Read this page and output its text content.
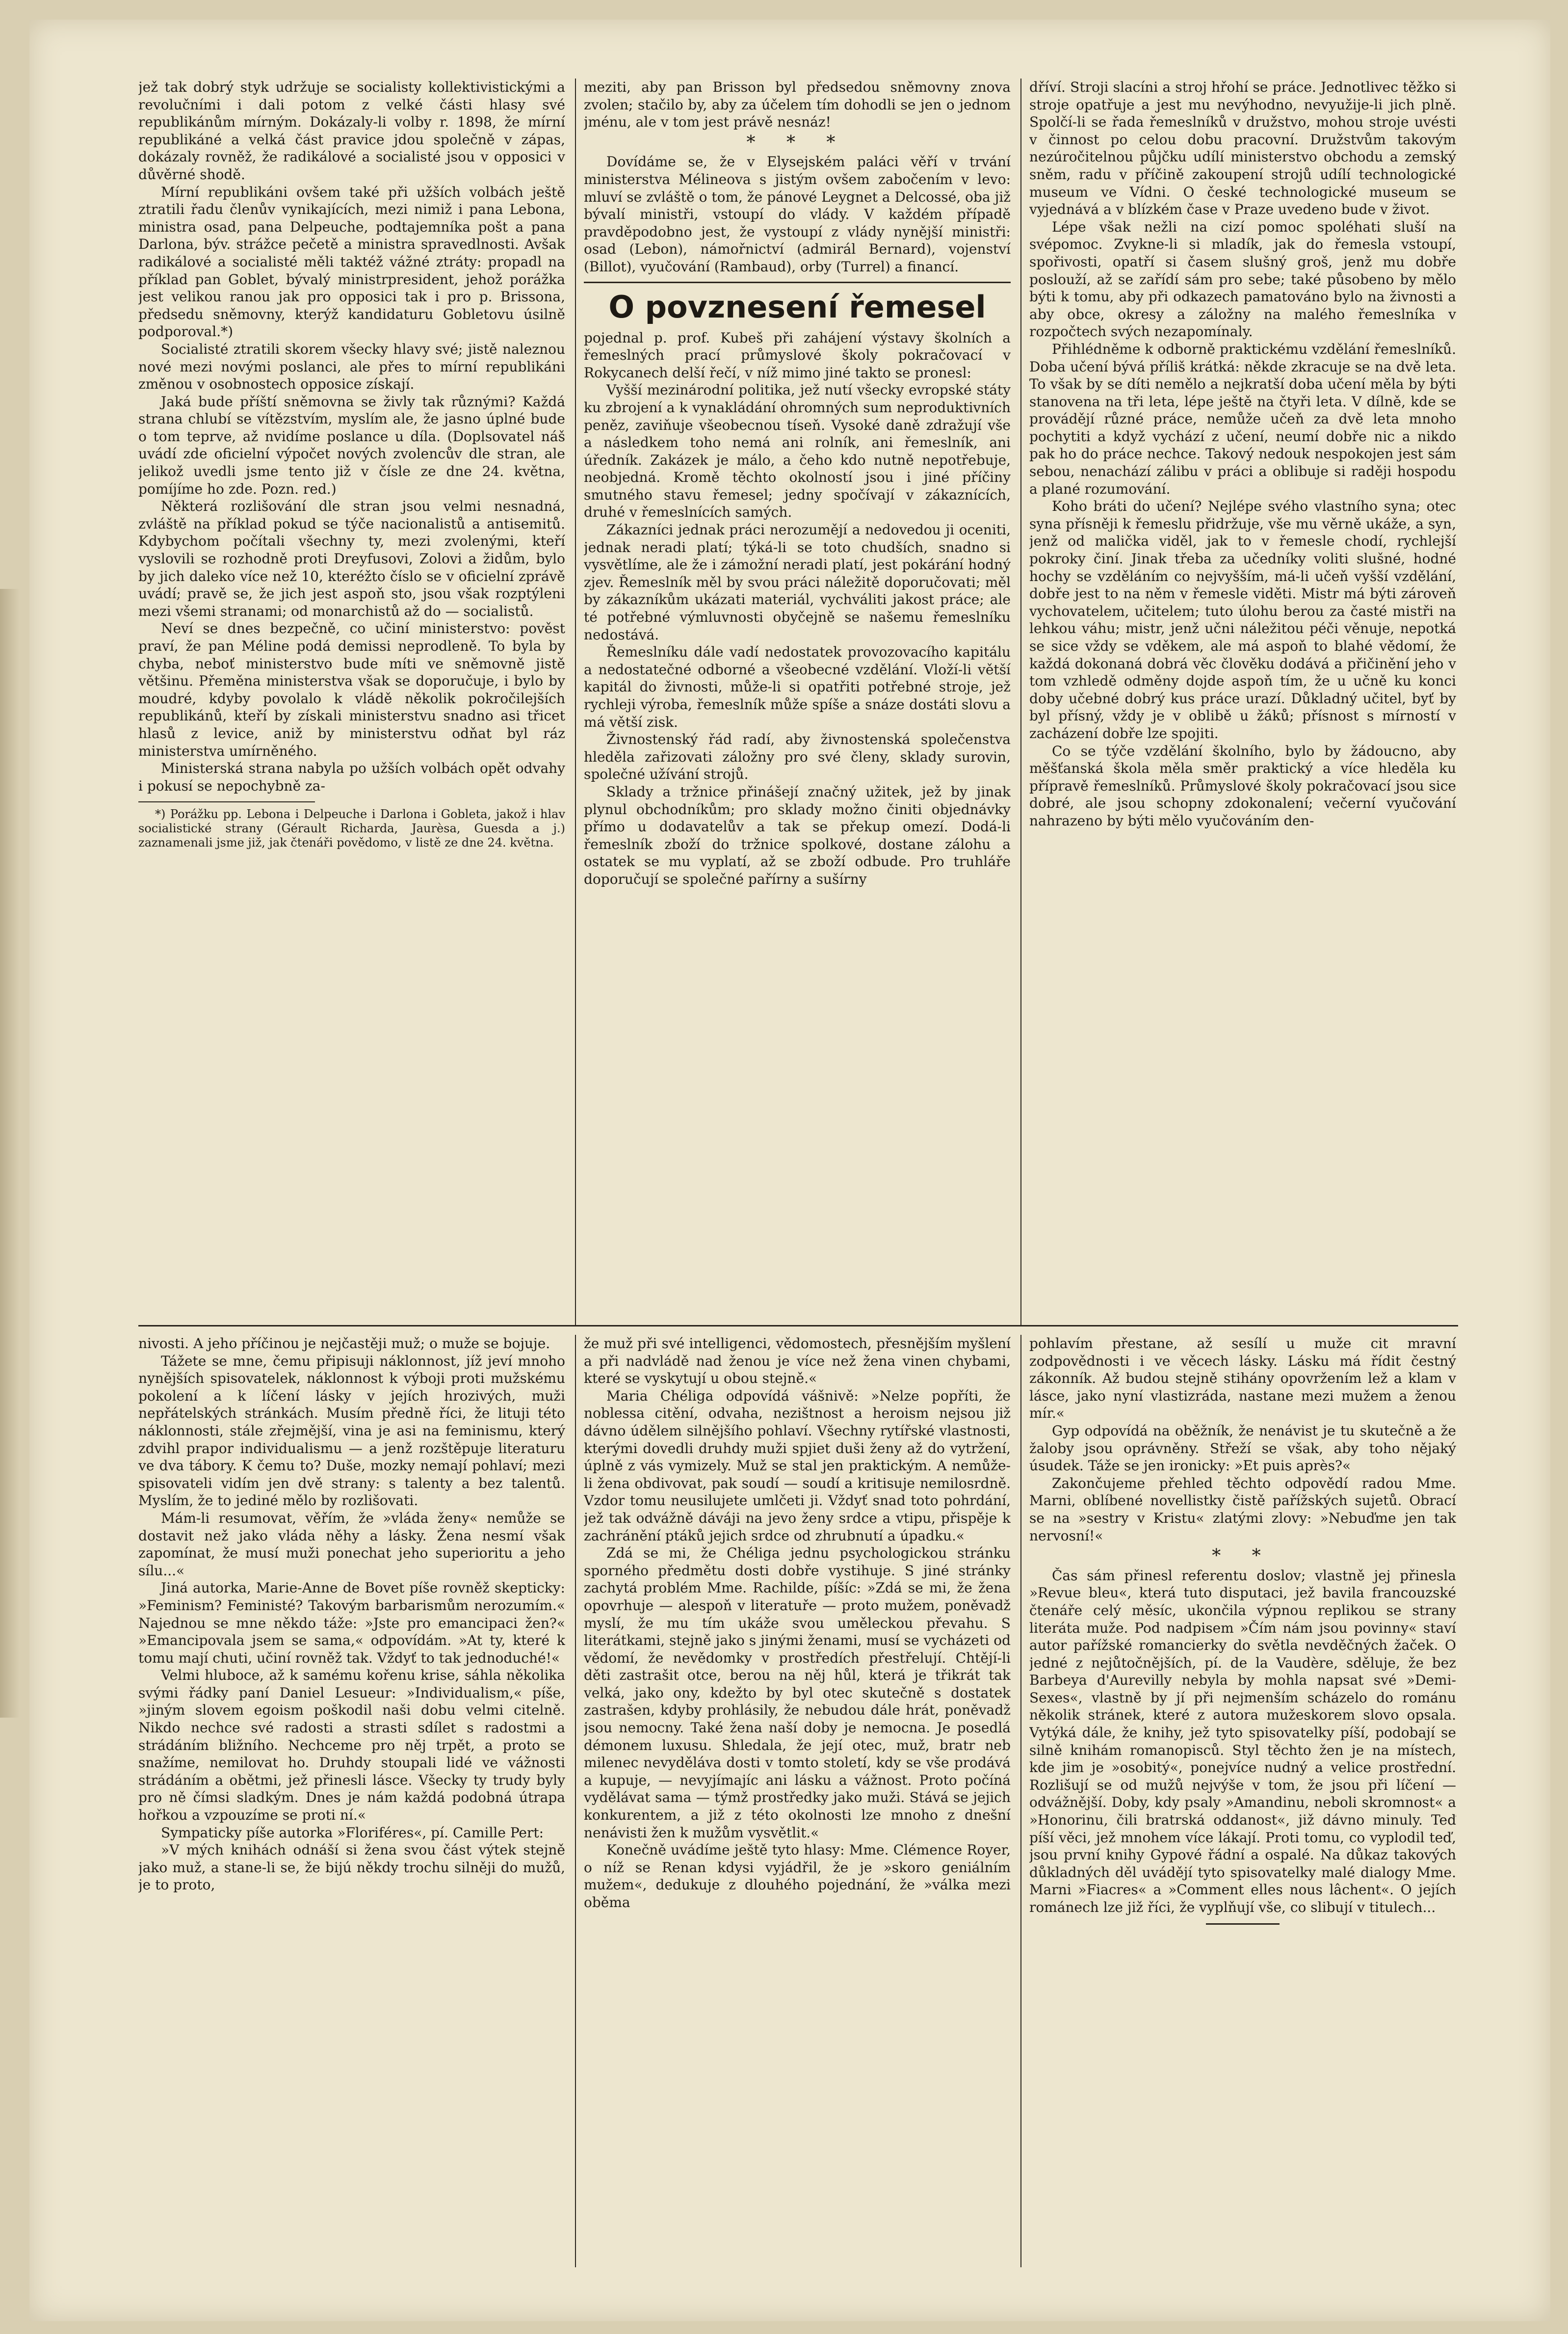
jež tak dobrý styk udržuje se socialisty kollektivistickými a revolučními i dali potom z velké části hlasy své republikánům mírným. Dokázaly-li volby r. 1898, že mírní republikáné a velká část pravice jdou společně v zápas, dokázaly rovněž, že radikálové a socialisté jsou v opposici v důvěrné shodě.

Mírní republikáni ovšem také při užších volbách ještě ztratili řadu členův vynikajících, mezi nimiž i pana Lebona, ministra osad, pana Delpeuche, podtajemníka pošt a pana Darlona, býv. strážce pečetě a ministra spravedlnosti. Avšak radikálové a socialisté měli taktéž vážné ztráty: propadl na příklad pan Goblet, bývalý ministrpresident, jehož porážka jest velikou ranou jak pro opposici tak i pro p. Brissona, předsedu sněmovny, kterýž kandidaturu Gobletovu úsilně podporoval.*)

Socialisté ztratili skorem všecky hlavy své; jistě naleznou nové mezi novými poslanci, ale přes to mírní republikáni změnou v osobnostech opposice získají.

Jaká bude příští sněmovna se živly tak různými? Každá strana chlubí se vítězstvím, myslím ale, že jasno úplné bude o tom teprve, až nvidíme poslance u díla. (Doplsovatel náš uvádí zde oficielní výpočet nových zvolencův dle stran, ale jelikož uvedli jsme tento již v čísle ze dne 24. května, pomíjíme ho zde. Pozn. red.)

Některá rozlišování dle stran jsou velmi nesnadná, zvláště na příklad pokud se týče nacionalistů a antisemitů. Kdybychom počítali všechny ty, mezi zvolenými, kteří vyslovili se rozhodně proti Dreyfusovi, Zolovi a židům, bylo by jich daleko více než 10, kteréžto číslo se v oficielní zprávě uvádí; pravě se, že jich jest aspoň sto, jsou však rozptýleni mezi všemi stranami; od monarchistů až do — socialistů.

Neví se dnes bezpečně, co učiní ministerstvo: pověst praví, že pan Méline podá demissi neprodleně. To byla by chyba, neboť ministerstvo bude míti ve sněmovně jistě většinu. Přeměna ministerstva však se doporučuje, i bylo by moudré, kdyby povolalo k vládě několik pokročilejších republikánů, kteří by získali ministerstvu snadno asi třicet hlasů z levice, aniž by ministerstvu odňat byl ráz ministerstva umírněného.

Ministerská strana nabyla po užších volbách opět odvahy i pokusí se nepochybně za-

*) Porážku pp. Lebona i Delpeuche i Darlona i Gobleta, jakož i hlav socialistické strany (Gérault Richarda, Jaurèsa, Guesda a j.) zaznamenali jsme již, jak čtenáři povědomo, v listě ze dne 24. května.

meziti, aby pan Brisson byl předsedou sněmovny znova zvolen; stačilo by, aby za účelem tím dohodli se jen o jednom jménu, ale v tom jest právě nesnáz!

* * *

Dovídáme se, že v Elysejském paláci věří v trvání ministerstva Mélineova s jistým ovšem zabočením v levo: mluví se zvláště o tom, že pánové Leygnet a Delcossé, oba již bývalí ministři, vstoupí do vlády. V každém případě pravděpodobno jest, že vystoupí z vlády nynější ministři: osad (Lebon), námořnictví (admirál Bernard), vojenství (Billot), vyučování (Rambaud), orby (Turrel) a financí.

O povznesení řemesel

pojednal p. prof. Kubeš při zahájení výstavy školních a řemeslných prací průmyslové školy pokračovací v Rokycanech delší řečí, v níž mimo jiné takto se pronesl:

Vyšší mezinárodní politika, jež nutí všecky evropské státy ku zbrojení a k vynakládání ohromných sum neproduktivních peněz, zaviňuje všeobecnou tíseň. Vysoké daně zdražují vše a následkem toho nemá ani rolník, ani řemeslník, ani úředník. Zakázek je málo, a čeho kdo nutně nepotřebuje, neobjedná. Kromě těchto okolností jsou i jiné příčiny smutného stavu řemesel; jedny spočívají v zákaznících, druhé v řemeslnících samých.

Zákazníci jednak práci nerozumějí a nedovedou ji oceniti, jednak neradi platí; týká-li se toto chudších, snadno si vysvětlíme, ale že i zámožní neradi platí, jest pokárání hodný zjev. Řemeslník měl by svou práci náležitě doporučovati; měl by zákazníkům ukázati materiál, vychváliti jakost práce; ale té potřebné výmluvnosti obyčejně se našemu řemeslníku nedostává.

Řemeslníku dále vadí nedostatek provozovacího kapitálu a nedostatečné odborné a všeobecné vzdělání. Vloží-li větší kapitál do živnosti, může-li si opatřiti potřebné stroje, jež rychleji výroba, řemeslník může spíše a snáze dostáti slovu a má větší zisk.

Živnostenský řád radí, aby živnostenská společenstva hleděla zařizovati záložny pro své členy, sklady surovin, společné užívání strojů.

Sklady a tržnice přinášejí značný užitek, jež by jinak plynul obchodníkům; pro sklady možno činiti objednávky přímo u dodavatelův a tak se překup omezí. Dodá-li řemeslník zboží do tržnice spolkové, dostane zálohu a ostatek se mu vyplatí, až se zboží odbude. Pro truhláře doporučují se společné pařírny a sušírny

dříví. Stroji slacíni a stroj hřohí se práce. Jednotlivec těžko si stroje opatřuje a jest mu nevýhodno, nevyužije-li jich plně. Spolčí-li se řada řemeslníků v družstvo, mohou stroje uvésti v činnost po celou dobu pracovní. Družstvům takovým nezúročitelnou půjčku udílí ministerstvo obchodu a zemský sněm, radu v příčině zakoupení strojů udílí technologické museum ve Vídni. O české technologické museum se vyjednává a v blízkém čase v Praze uvedeno bude v život.

Lépe však nežli na cizí pomoc spoléhati sluší na svépomoc. Zvykne-li si mladík, jak do řemesla vstoupí, spořivosti, opatří si časem slušný groš, jenž mu dobře poslouží, až se zařídí sám pro sebe; také působeno by mělo býti k tomu, aby při odkazech pamatováno bylo na živnosti a aby obce, okresy a záložny na malého řemeslníka v rozpočtech svých nezapomínaly.

Přihlédněme k odborně praktickému vzdělání řemeslníků. Doba učení bývá příliš krátká: někde zkracuje se na dvě leta. To však by se díti nemělo a nejkratší doba učení měla by býti stanovena na tři leta, lépe ještě na čtyři leta. V dílně, kde se provádějí různé práce, nemůže učeň za dvě leta mnoho pochytiti a když vychází z učení, neumí dobře nic a nikdo pak ho do práce nechce. Takový nedouk nespokojen jest sám sebou, nenachází zálibu v práci a oblibuje si raději hospodu a plané rozumování.

Koho bráti do učení? Nejlépe svého vlastního syna; otec syna přísněji k řemeslu přidržuje, vše mu věrně ukáže, a syn, jenž od malička viděl, jak to v řemesle chodí, rychlejší pokroky činí. Jinak třeba za učedníky voliti slušné, hodné hochy se vzděláním co nejvyšším, má-li učeň vyšší vzdělání, dobře jest to na něm v řemesle viděti. Mistr má býti zároveň vychovatelem, učitelem; tuto úlohu berou za časté mistři na lehkou váhu; mistr, jenž učni náležitou péči věnuje, nepotká se sice vždy se vděkem, ale má aspoň to blahé vědomí, že každá dokonaná dobrá věc člověku dodává a přičinění jeho v tom vzhledě odměny dojde aspoň tím, že u učně ku konci doby učebné dobrý kus práce urazí. Důkladný učitel, byť by byl přísný, vždy je v oblibě u žáků; přísnost s mírností v zacházení dobře lze spojiti.

Co se týče vzdělání školního, bylo by žádoucno, aby měšťanská škola měla směr praktický a více hleděla ku přípravě řemeslníků. Průmyslové školy pokračovací jsou sice dobré, ale jsou schopny zdokonalení; večerní vyučování nahrazeno by býti mělo vyučováním den-

nivosti. A jeho příčinou je nejčastěji muž; o muže se bojuje.

Tážete se mne, čemu připisuji náklonnost, jíž jeví mnoho nynějších spisovatelek, náklonnost k výboji proti mužskému pokolení a k líčení lásky v jejích hrozivých, muži nepřátelských stránkách. Musím předně říci, že lituji této náklonnosti, stále zřejmější, vina je asi na feminismu, který zdvihl prapor individualismu — a jenž rozštěpuje literaturu ve dva tábory. K čemu to? Duše, mozky nemají pohlaví; mezi spisovateli vidím jen dvě strany: s talenty a bez talentů. Myslím, že to jediné mělo by rozlišovati.

Mám-li resumovat, věřím, že »vláda ženy« nemůže se dostavit než jako vláda něhy a lásky. Žena nesmí však zapomínat, že musí muži ponechat jeho superioritu a jeho sílu...«

Jiná autorka, Marie-Anne de Bovet píše rovněž skepticky: »Feminism? Feministé? Takovým barbarismům nerozumím.« Najednou se mne někdo táže: »Jste pro emancipaci žen?« »Emancipovala jsem se sama,« odpovídám. »At ty, které k tomu mají chuti, učiní rovněž tak. Vždyť to tak jednoduché!«

Velmi hluboce, až k samému kořenu krise, sáhla několika svými řádky paní Daniel Lesueur: »Individualism,« píše, »jiným slovem egoism poškodil naši dobu velmi citelně. Nikdo nechce své radosti a strasti sdílet s radostmi a strádáním bližního. Nechceme pro něj trpět, a proto se snažíme, nemilovat ho. Druhdy stoupali lidé ve vážnosti strádáním a obětmi, jež přinesli lásce. Všecky ty trudy byly pro ně čímsi sladkým. Dnes je nám každá podobná útrapa hořkou a vzpouzíme se proti ní.«

Sympaticky píše autorka »Floriféres«, pí. Camille Pert:

»V mých knihách odnáší si žena svou část výtek stejně jako muž, a stane-li se, že bijú někdy trochu silněji do mužů, je to proto,

že muž při své intelligenci, vědomostech, přesnějším myšlení a při nadvládě nad ženou je více než žena vinen chybami, které se vyskytují u obou stejně.«

Maria Chéliga odpovídá vášnivě: »Nelze popříti, že noblessa citění, odvaha, nezištnost a heroism nejsou již dávno údělem silnějšího pohlaví. Všechny rytířské vlastnosti, kterými dovedli druhdy muži spjiet duši ženy až do vytržení, úplně z vás vymizely. Muž se stal jen praktickým. A nemůže-li žena obdivovat, pak soudí — soudí a kritisuje nemilosrdně. Vzdor tomu neusilujete umlčeti ji. Vždyť snad toto pohrdání, jež tak odvážně dáváji na jevo ženy srdce a vtipu, přispěje k zachránění ptáků jejich srdce od zhrubnutí a úpadku.«

Zdá se mi, že Chéliga jednu psychologickou stránku sporného předmětu dosti dobře vystihuje. S jiné stránky zachytá problém Mme. Rachilde, píšíc: »Zdá se mi, že žena opovrhuje — alespoň v literatuře — proto mužem, poněvadž myslí, že mu tím ukáže svou uměleckou převahu. S literátkami, stejně jako s jinými ženami, musí se vycházeti od vědomí, že nevědomky v prostředích přestřelují. Chtějí-li děti zastrašit otce, berou na něj hůl, která je třikrát tak velká, jako ony, kdežto by byl otec skutečně s dostatek zastrašen, kdyby prohlásily, že nebudou dále hrát, poněvadž jsou nemocny. Také žena naší doby je nemocna. Je posedlá démonem luxusu. Shledala, že její otec, muž, bratr neb milenec nevyděláva dosti v tomto století, kdy se vše prodává a kupuje, — nevyjímajíc ani lásku a vážnost. Proto počíná vydělávat sama — týmž prostředky jako muži. Stává se jejich konkurentem, a již z této okolnosti lze mnoho z dnešní nenávisti žen k mužům vysvětlit.«

Konečně uvádíme ještě tyto hlasy: Mme. Clémence Royer, o níž se Renan kdysi vyjádřil, že je »skoro geniálním mužem«, dedukuje z dlouhého pojednání, že »válka mezi oběma

pohlavím přestane, až sesílí u muže cit mravní zodpovědnosti i ve věcech lásky. Lásku má řídit čestný zákonník. Až budou stejně stihány opovržením lež a klam v lásce, jako nyní vlastizráda, nastane mezi mužem a ženou mír.«

Gyp odpovídá na oběžník, že nenávist je tu skutečně a že žaloby jsou oprávněny. Střeží se však, aby toho nějaký úsudek. Táže se jen ironicky: »Et puis après?«

Zakončujeme přehled těchto odpovědí radou Mme. Marni, oblíbené novellistky čistě pařížských sujetů. Obrací se na »sestry v Kristu« zlatými zlovy: »Nebuďme jen tak nervosní!«

* *

Čas sám přinesl referentu doslov; vlastně jej přinesla »Revue bleu«, která tuto disputaci, jež bavila francouzské čtenáře celý měsíc, ukončila výpnou replikou se strany literáta muže. Pod nadpisem »Čím nám jsou povinny« staví autor pařížské romancierky do světla nevděčných žaček. O jedné z nejůtočnějších, pí. de la Vaudère, sděluje, že bez Barbeya d'Aurevilly nebyla by mohla napsat své »Demi-Sexes«, vlastně by jí při nejmenším scházelo do románu několik stránek, které z autora mužeskorem slovo opsala. Vytýká dále, že knihy, jež tyto spisovatelky píší, podobají se silně knihám romanopisců. Styl těchto žen je na místech, kde jim je »osobitý«, ponejvíce nudný a velice prostřední. Rozlišují se od mužů nejvýše v tom, že jsou při líčení — odvážnější. Doby, kdy psaly »Amandinu, neboli skromnost« a »Honorinu, čili bratrská oddanost«, již dávno minuly. Teď píší věci, jež mnohem více lákají. Proti tomu, co vyplodil teď, jsou první knihy Gypové řádní a ospalé. Na důkaz takových důkladných děl uvádějí tyto spisovatelky malé dialogy Mme. Marni »Fiacres« a »Comment elles nous lâchent«. O jejích románech lze již říci, že vyplňují vše, co slibují v titulech...
